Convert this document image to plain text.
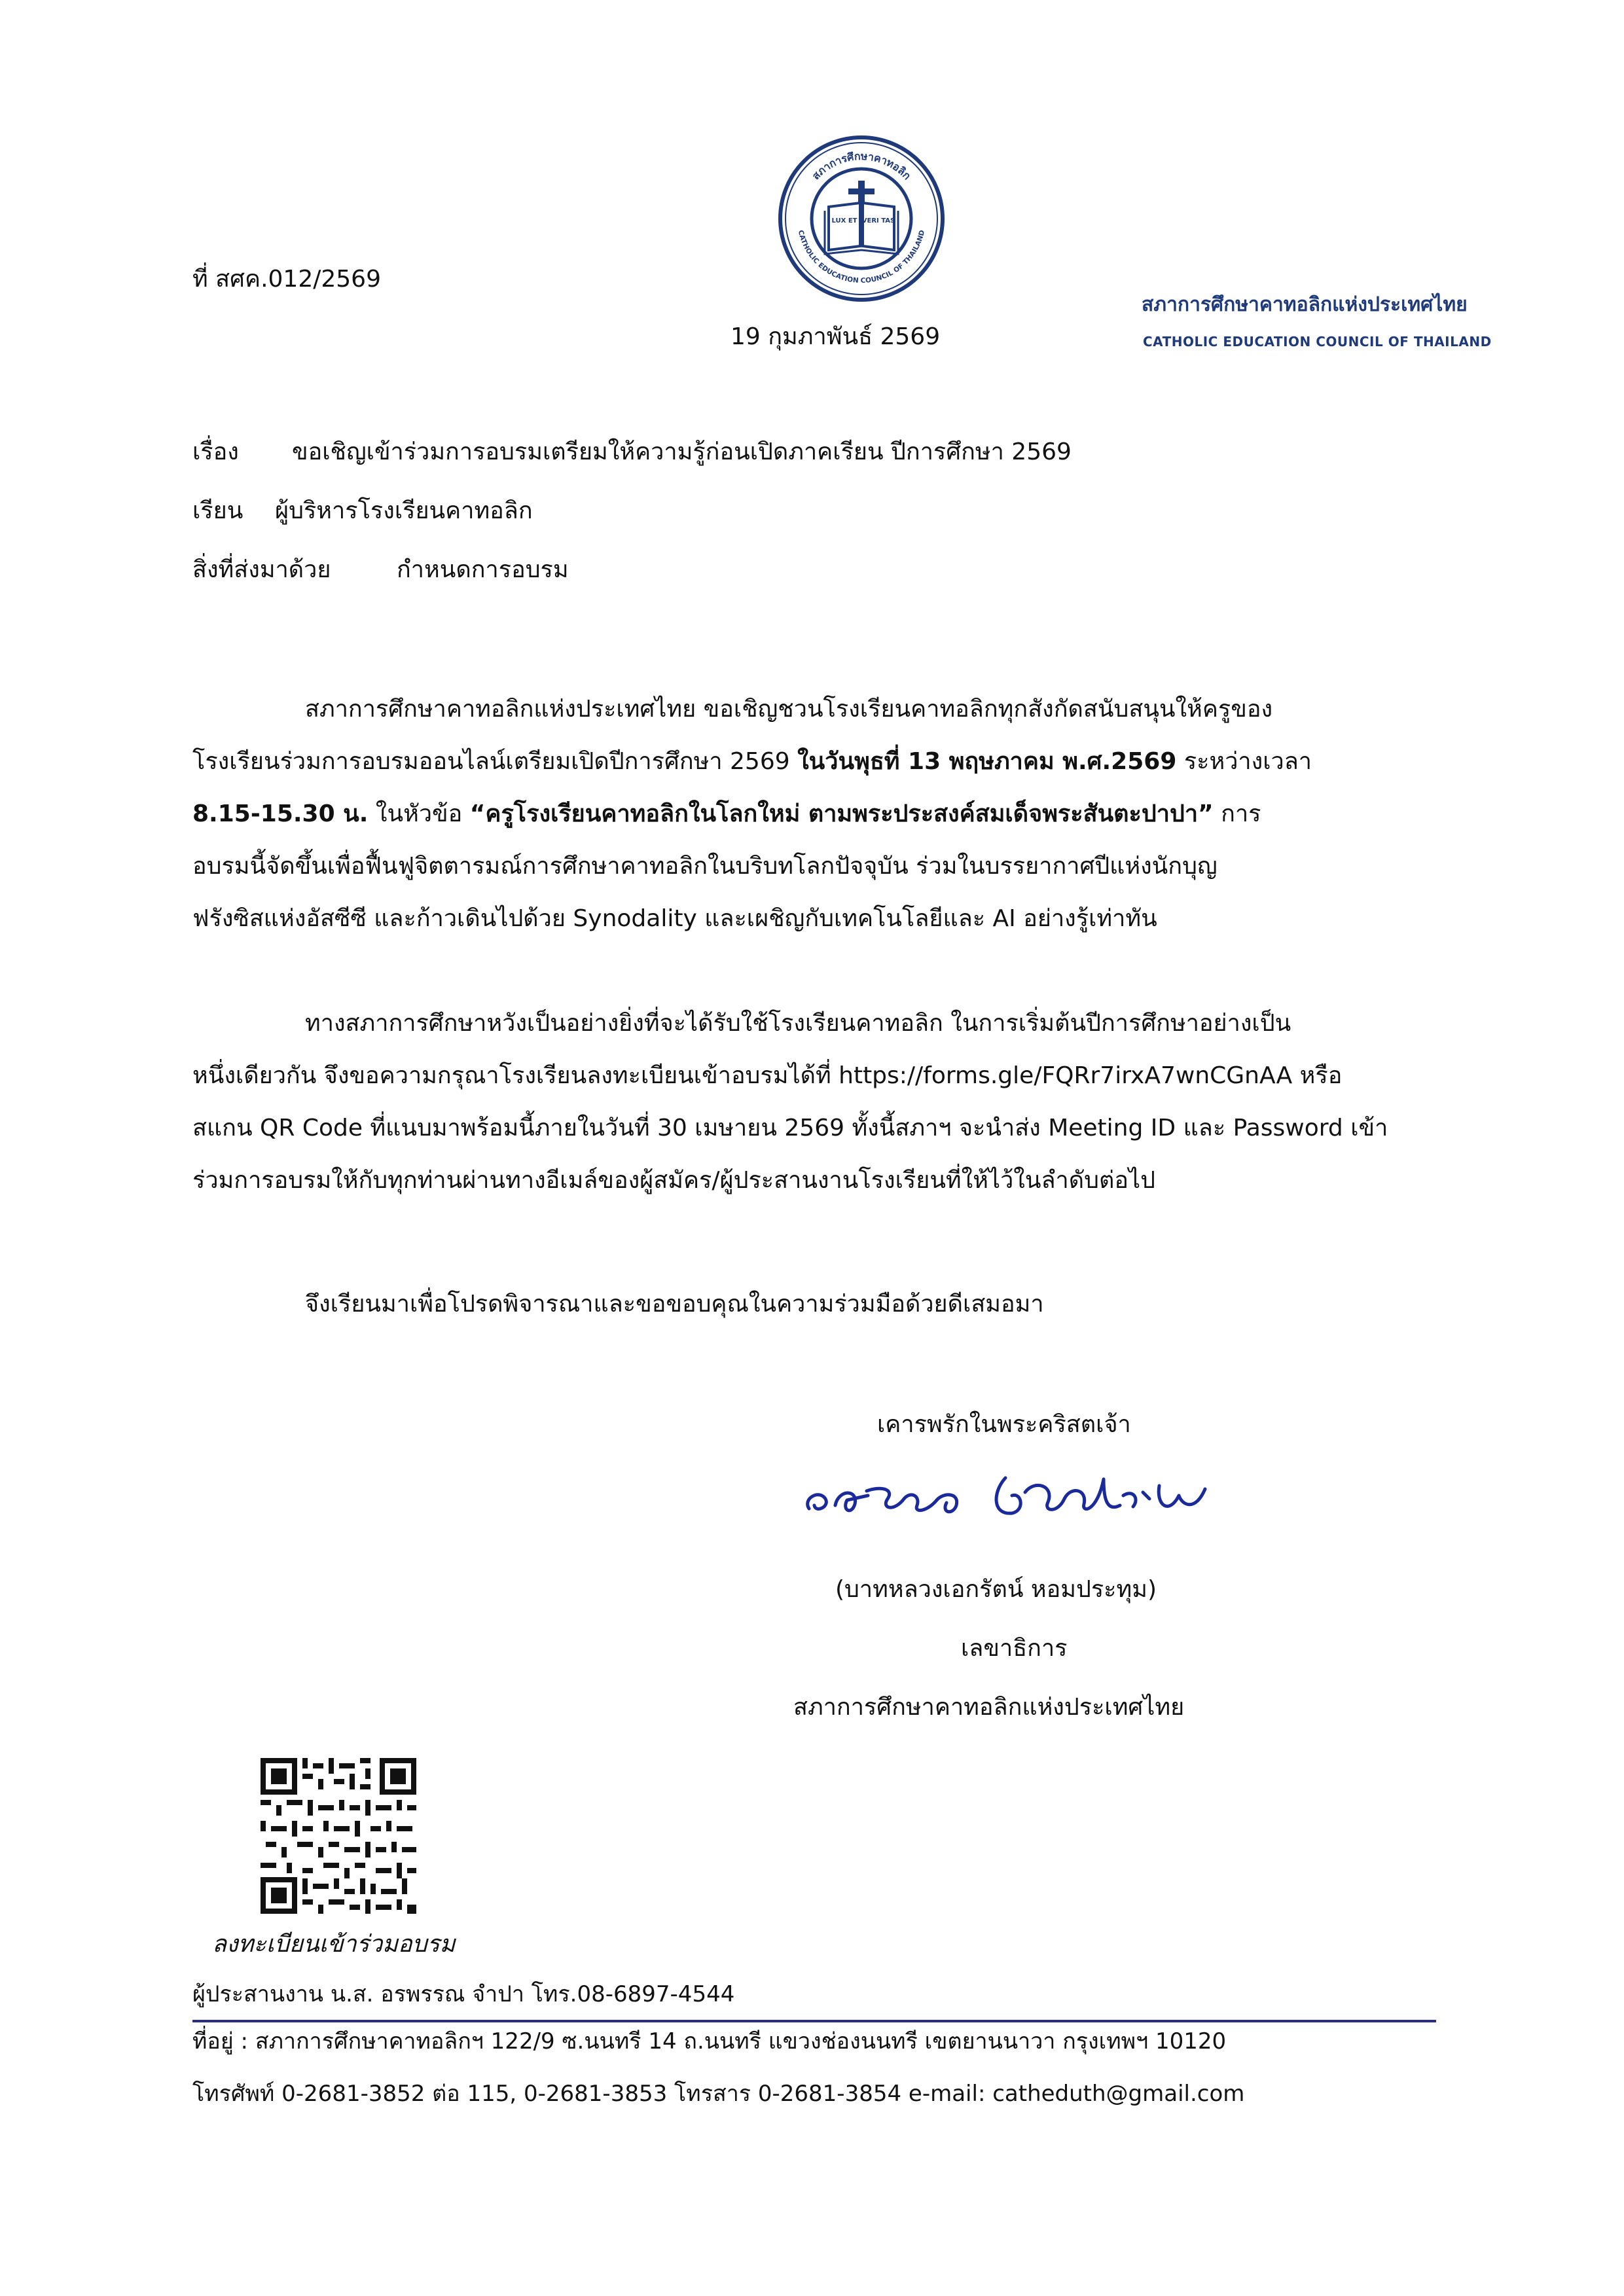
สภาการศึกษาคาทอลิก
CATHOLIC EDUCATION COUNCIL OF THAILAND
LUX ET VERI TAS
ที่ สศค.012/2569
19 กุมภาพันธ์ 2569
สภาการศึกษาคาทอลิกแห่งประเทศไทย
CATHOLIC EDUCATION COUNCIL OF THAILAND
เรื่อง ขอเชิญเข้าร่วมการอบรมเตรียมให้ความรู้ก่อนเปิดภาคเรียน ปีการศึกษา 2569
เรียน ผู้บริหารโรงเรียนคาทอลิก
สิ่งที่ส่งมาด้วย	กำหนดการอบรม
สภาการศึกษาคาทอลิกแห่งประเทศไทย ขอเชิญชวนโรงเรียนคาทอลิกทุกสังกัดสนับสนุนให้ครูของ
โรงเรียนร่วมการอบรมออนไลน์เตรียมเปิดปีการศึกษา 2569 ในวันพุธที่ 13 พฤษภาคม พ.ศ.2569 ระหว่างเวลา
8.15-15.30 น. ในหัวข้อ “ครูโรงเรียนคาทอลิกในโลกใหม่ ตามพระประสงค์สมเด็จพระสันตะปาปา” การ
อบรมนี้จัดขึ้นเพื่อฟื้นฟูจิตตารมณ์การศึกษาคาทอลิกในบริบทโลกปัจจุบัน ร่วมในบรรยากาศปีแห่งนักบุญ
ฟรังซิสแห่งอัสซีซี และก้าวเดินไปด้วย Synodality และเผชิญกับเทคโนโลยีและ AI อย่างรู้เท่าทัน
ทางสภาการศึกษาหวังเป็นอย่างยิ่งที่จะได้รับใช้โรงเรียนคาทอลิก ในการเริ่มต้นปีการศึกษาอย่างเป็น
หนึ่งเดียวกัน จึงขอความกรุณาโรงเรียนลงทะเบียนเข้าอบรมได้ที่ https://forms.gle/FQRr7irxA7wnCGnAA หรือ
สแกน QR Code ที่แนบมาพร้อมนี้ภายในวันที่ 30 เมษายน 2569 ทั้งนี้สภาฯ จะนำส่ง Meeting ID และ Password เข้า
ร่วมการอบรมให้กับทุกท่านผ่านทางอีเมล์ของผู้สมัคร/ผู้ประสานงานโรงเรียนที่ให้ไว้ในลำดับต่อไป
จึงเรียนมาเพื่อโปรดพิจารณาและขอขอบคุณในความร่วมมือด้วยดีเสมอมา
เคารพรักในพระคริสตเจ้า
(บาทหลวงเอกรัตน์ หอมประทุม)
เลขาธิการ
สภาการศึกษาคาทอลิกแห่งประเทศไทย
ลงทะเบียนเข้าร่วมอบรม
ผู้ประสานงาน น.ส. อรพรรณ จำปา โทร.08-6897-4544
ที่อยู่ : สภาการศึกษาคาทอลิกฯ 122/9 ซ.นนทรี 14 ถ.นนทรี แขวงช่องนนทรี เขตยานนาวา กรุงเทพฯ 10120
โทรศัพท์ 0-2681-3852 ต่อ 115, 0-2681-3853 โทรสาร 0-2681-3854 e-mail: catheduth@gmail.com
